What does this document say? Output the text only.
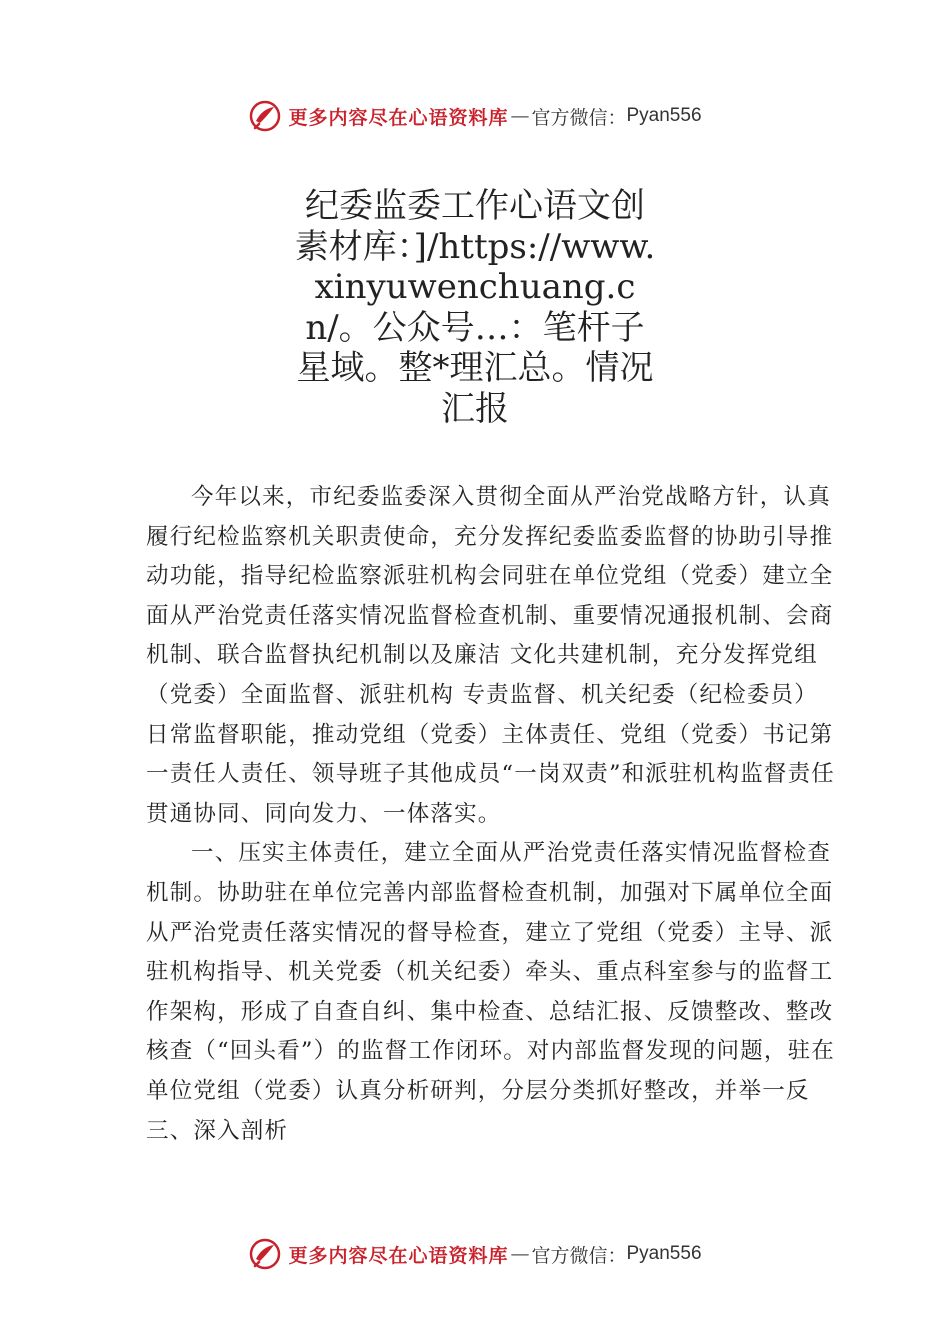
更多内容尽在心语资料库 — 官方微信： Pyan556
纪委监委工作心语文创素材库：]/https://www.xinyuwenchuang.cn/。公众号…：笔杆子星域。整*理汇总。情况汇报

今年以来，市纪委监委深入贯彻全面从严治党战略方针，认真履行纪检监察机关职责使命，充分发挥纪委监委监督的协助引导推动功能，指导纪检监察派驻机构会同驻在单位党组（党委）建立全面从严治党责任落实情况监督检查机制、重要情况通报机制、会商机制、联合监督执纪机制以及廉洁 文化共建机制，充分发挥党组（党委）全面监督、派驻机构 专责监督、机关纪委（纪检委员）日常监督职能，推动党组（党委）主体责任、党组（党委）书记第一责任人责任、领导班子其他成员“一岗双责”和派驻机构监督责任贯通协同、同向发力、一体落实。

一、压实主体责任，建立全面从严治党责任落实情况监督检查机制。协助驻在单位完善内部监督检查机制，加强对下属单位全面从严治党责任落实情况的督导检查，建立了党组（党委）主导、派驻机构指导、机关党委（机关纪委）牵头、重点科室参与的监督工作架构，形成了自查自纠、集中检查、总结汇报、反馈整改、整改核查（“回头看”）的监督工作闭环。对内部监督发现的问题，驻在单位党组（党委）认真分析研判，分层分类抓好整改，并举一反三、深入剖析

更多内容尽在心语资料库 — 官方微信： Pyan556
